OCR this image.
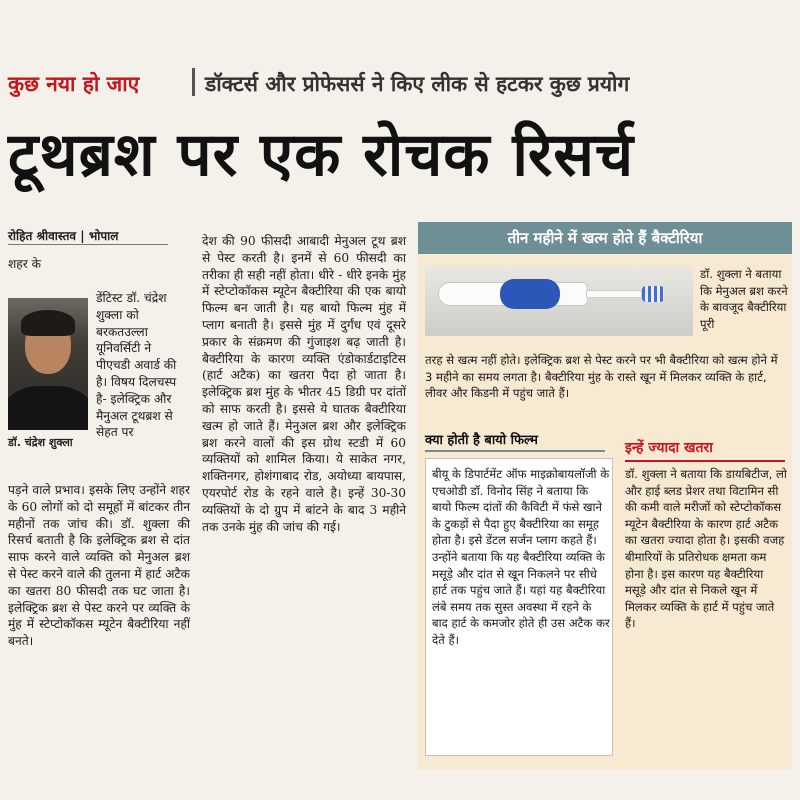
कुछ नया हो जाए	डॉक्टर्स और प्रोफेसर्स ने किए लीक से हटकर कुछ प्रयोग
टूथब्रश पर एक रोचक रिसर्च
रोहित श्रीवास्तव | भोपाल
शहर के
डॉ. चंद्रेश शुक्ला
डेंटिस्ट डॉ. चंद्रेश शुक्ला को बरकतउल्ला यूनिवर्सिटी ने पीएचडी अवार्ड की है। विषय दिलचस्प है- इलेक्ट्रिक और मैनुअल टूथब्रश से सेहत पर
पड़ने वाले प्रभाव। इसके लिए उन्होंने शहर के 60 लोगों को दो समूहों में बांटकर तीन महीनों तक जांच की। डॉ. शुक्ला की रिसर्च बताती है कि इलेक्ट्रिक ब्रश से दांत साफ करने वाले व्यक्ति को मेनुअल ब्रश से पेस्ट करने वाले की तुलना में हार्ट अटैक का खतरा 80 फीसदी तक घट जाता है। इलेक्ट्रिक ब्रश से पेस्ट करने पर व्यक्ति के मुंह में स्टेप्टोकॉकस म्यूटेन बैक्टीरिया नहीं बनते।
देश की 90 फीसदी आबादी मेनुअल टूथ ब्रश से पेस्ट करती है। इनमें से 60 फीसदी का तरीका ही सही नहीं होता। धीरे - धीरे इनके मुंह में स्टेप्टोकॉकस म्यूटेन बैक्टीरिया की एक बायो फिल्म बन जाती है। यह बायो फिल्म मुंह में प्लाग बनाती है। इससे मुंह में दुर्गंध एवं दूसरे प्रकार के संक्रमण की गुंजाइश बढ़ जाती है। बैक्टीरिया के कारण व्यक्ति एंडोकार्डटाइटिस (हार्ट अटैक) का खतरा पैदा हो जाता है। इलेक्ट्रिक ब्रश मुंह के भीतर 45 डिग्री पर दांतों को साफ करती है। इससे ये घातक बैक्टीरिया खत्म हो जाते हैं। मेनुअल ब्रश और इलेक्ट्रिक ब्रश करने वालों की इस ग्रोथ स्टडी में 60 व्यक्तियों को शामिल किया। ये साकेत नगर, शक्तिनगर, होशंगाबाद रोड, अयोध्या बायपास, एयरपोर्ट रोड के रहने वाले है। इन्हें 30-30 व्यक्तियों के दो ग्रुप में बांटने के बाद 3 महीने तक उनके मुंह की जांच की गई।
तीन महीने में खत्म होते हैं बैक्टीरिया
डॉ. शुक्ला ने बताया कि मेनुअल ब्रश करने के बावजूद बैक्टीरिया पूरी
तरह से खत्म नहीं होते। इलेक्ट्रिक ब्रश से पेस्ट करने पर भी बैक्टीरिया को खत्म होने में 3 महीने का समय लगता है। बैक्टीरिया मुंह के रास्ते खून में मिलकर व्यक्ति के हार्ट, लीवर और किडनी में पहुंच जाते हैं।
क्या होती है बायो फिल्म
बीयू के डिपार्टमेंट ऑफ माइक्रोबायलॉजी के एचओडी डॉ. विनोद सिंह ने बताया कि बायो फिल्म दांतों की कैविटी में फंसे खाने के टुकड़ों से पैदा हुए बैक्टीरिया का समूह होता है। इसे डेंटल सर्जन प्लाग कहते हैं। उन्होंने बताया कि यह बैक्टीरिया व्यक्ति के मसूड़े और दांत से खून निकलने पर सीधे हार्ट तक पहुंच जाते हैं। यहां यह बैक्टीरिया लंबे समय तक सुस्त अवस्था में रहने के बाद हार्ट के कमजोर होते ही उस अटैक कर देते हैं।
इन्हें ज्यादा खतरा
डॉ. शुक्ला ने बताया कि डायबिटीज, लो और हाई ब्लड प्रेशर तथा विटामिन सी की कमी वाले मरीजों को स्टेप्टोकॉकस म्यूटेन बैक्टीरिया के कारण हार्ट अटैक का खतरा ज्यादा होता है। इसकी वजह बीमारियों के प्रतिरोधक क्षमता कम होना है। इस कारण यह बैक्टीरिया मसूड़े और दांत से निकले खून में मिलकर व्यक्ति के हार्ट में पहुंच जाते हैं।
